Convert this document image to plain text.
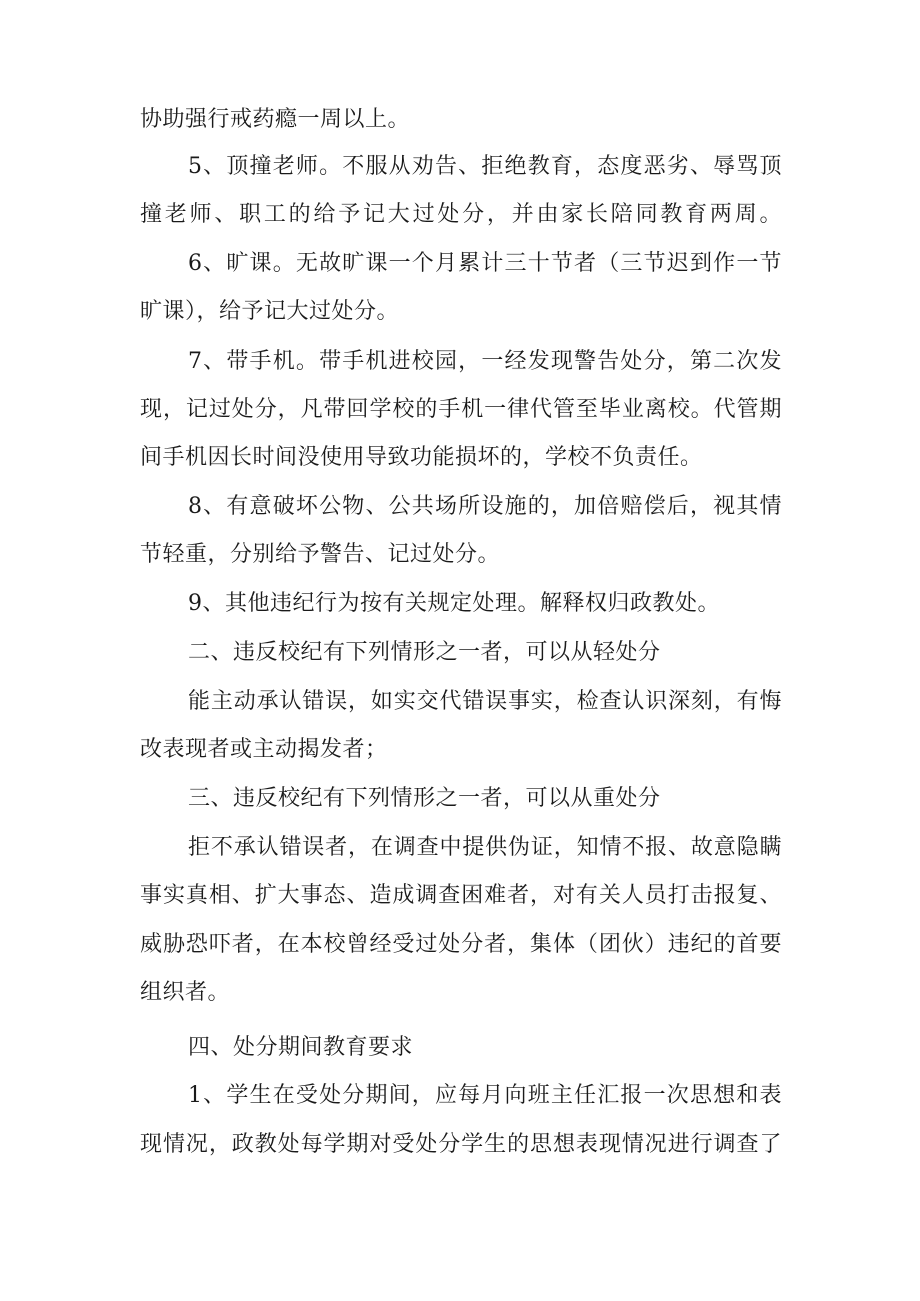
协助强行戒药瘾一周以上。
5、顶撞老师。不服从劝告、拒绝教育，态度恶劣、辱骂顶
撞老师、职工的给予记大过处分，并由家长陪同教育两周。
6、旷课。无故旷课一个月累计三十节者（三节迟到作一节
旷课），给予记大过处分。
7、带手机。带手机进校园，一经发现警告处分，第二次发
现，记过处分，凡带回学校的手机一律代管至毕业离校。代管期
间手机因长时间没使用导致功能损坏的，学校不负责任。
8、有意破坏公物、公共场所设施的，加倍赔偿后，视其情
节轻重，分别给予警告、记过处分。
9、其他违纪行为按有关规定处理。解释权归政教处。
二、违反校纪有下列情形之一者，可以从轻处分
能主动承认错误，如实交代错误事实，检查认识深刻，有悔
改表现者或主动揭发者；
三、违反校纪有下列情形之一者，可以从重处分
拒不承认错误者，在调查中提供伪证，知情不报、故意隐瞒
事实真相、扩大事态、造成调查困难者，对有关人员打击报复、
威胁恐吓者，在本校曾经受过处分者，集体（团伙）违纪的首要
组织者。
四、处分期间教育要求
1、学生在受处分期间，应每月向班主任汇报一次思想和表
现情况，政教处每学期对受处分学生的思想表现情况进行调查了
